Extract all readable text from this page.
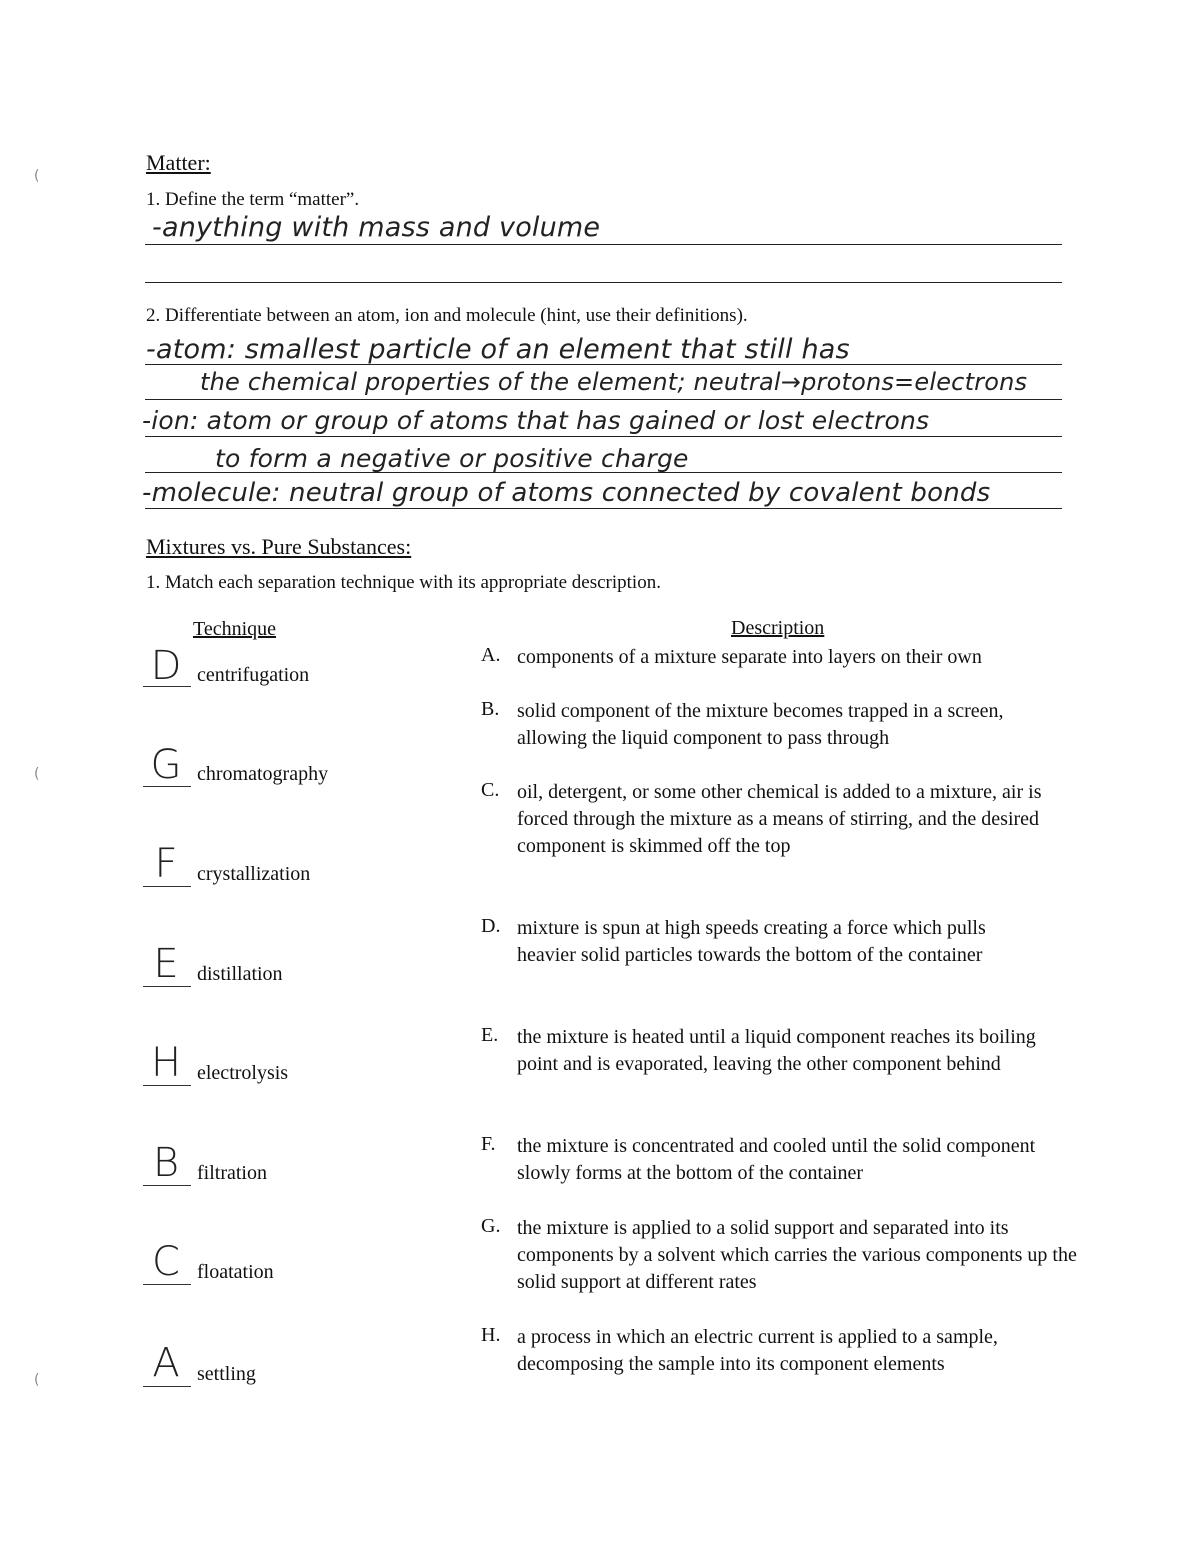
(
(
(
Matter:
1. Define the term “matter”.
-anything with mass and volume
2. Differentiate between an atom, ion and molecule (hint, use their definitions).
-atom: smallest particle of an element that still has
the chemical properties of the element; neutral→protons=electrons
-ion: atom or group of atoms that has gained or lost electrons
to form a negative or positive charge
-molecule: neutral group of atoms connected by covalent bonds
Mixtures vs. Pure Substances:
1. Match each separation technique with its appropriate description.
Technique	Description
D centrifugation
G chromatography
F crystallization
E distillation
H electrolysis
B filtration
C floatation
A settling
A. components of a mixture separate into layers on their own
B. solid component of the mixture becomes trapped in a screen, allowing the liquid component to pass through
C. oil, detergent, or some other chemical is added to a mixture, air is forced through the mixture as a means of stirring, and the desired component is skimmed off the top
D. mixture is spun at high speeds creating a force which pulls heavier solid particles towards the bottom of the container
E. the mixture is heated until a liquid component reaches its boiling point and is evaporated, leaving the other component behind
F. the mixture is concentrated and cooled until the solid component slowly forms at the bottom of the container
G. the mixture is applied to a solid support and separated into its components by a solvent which carries the various components up the solid support at different rates
H. a process in which an electric current is applied to a sample, decomposing the sample into its component elements
